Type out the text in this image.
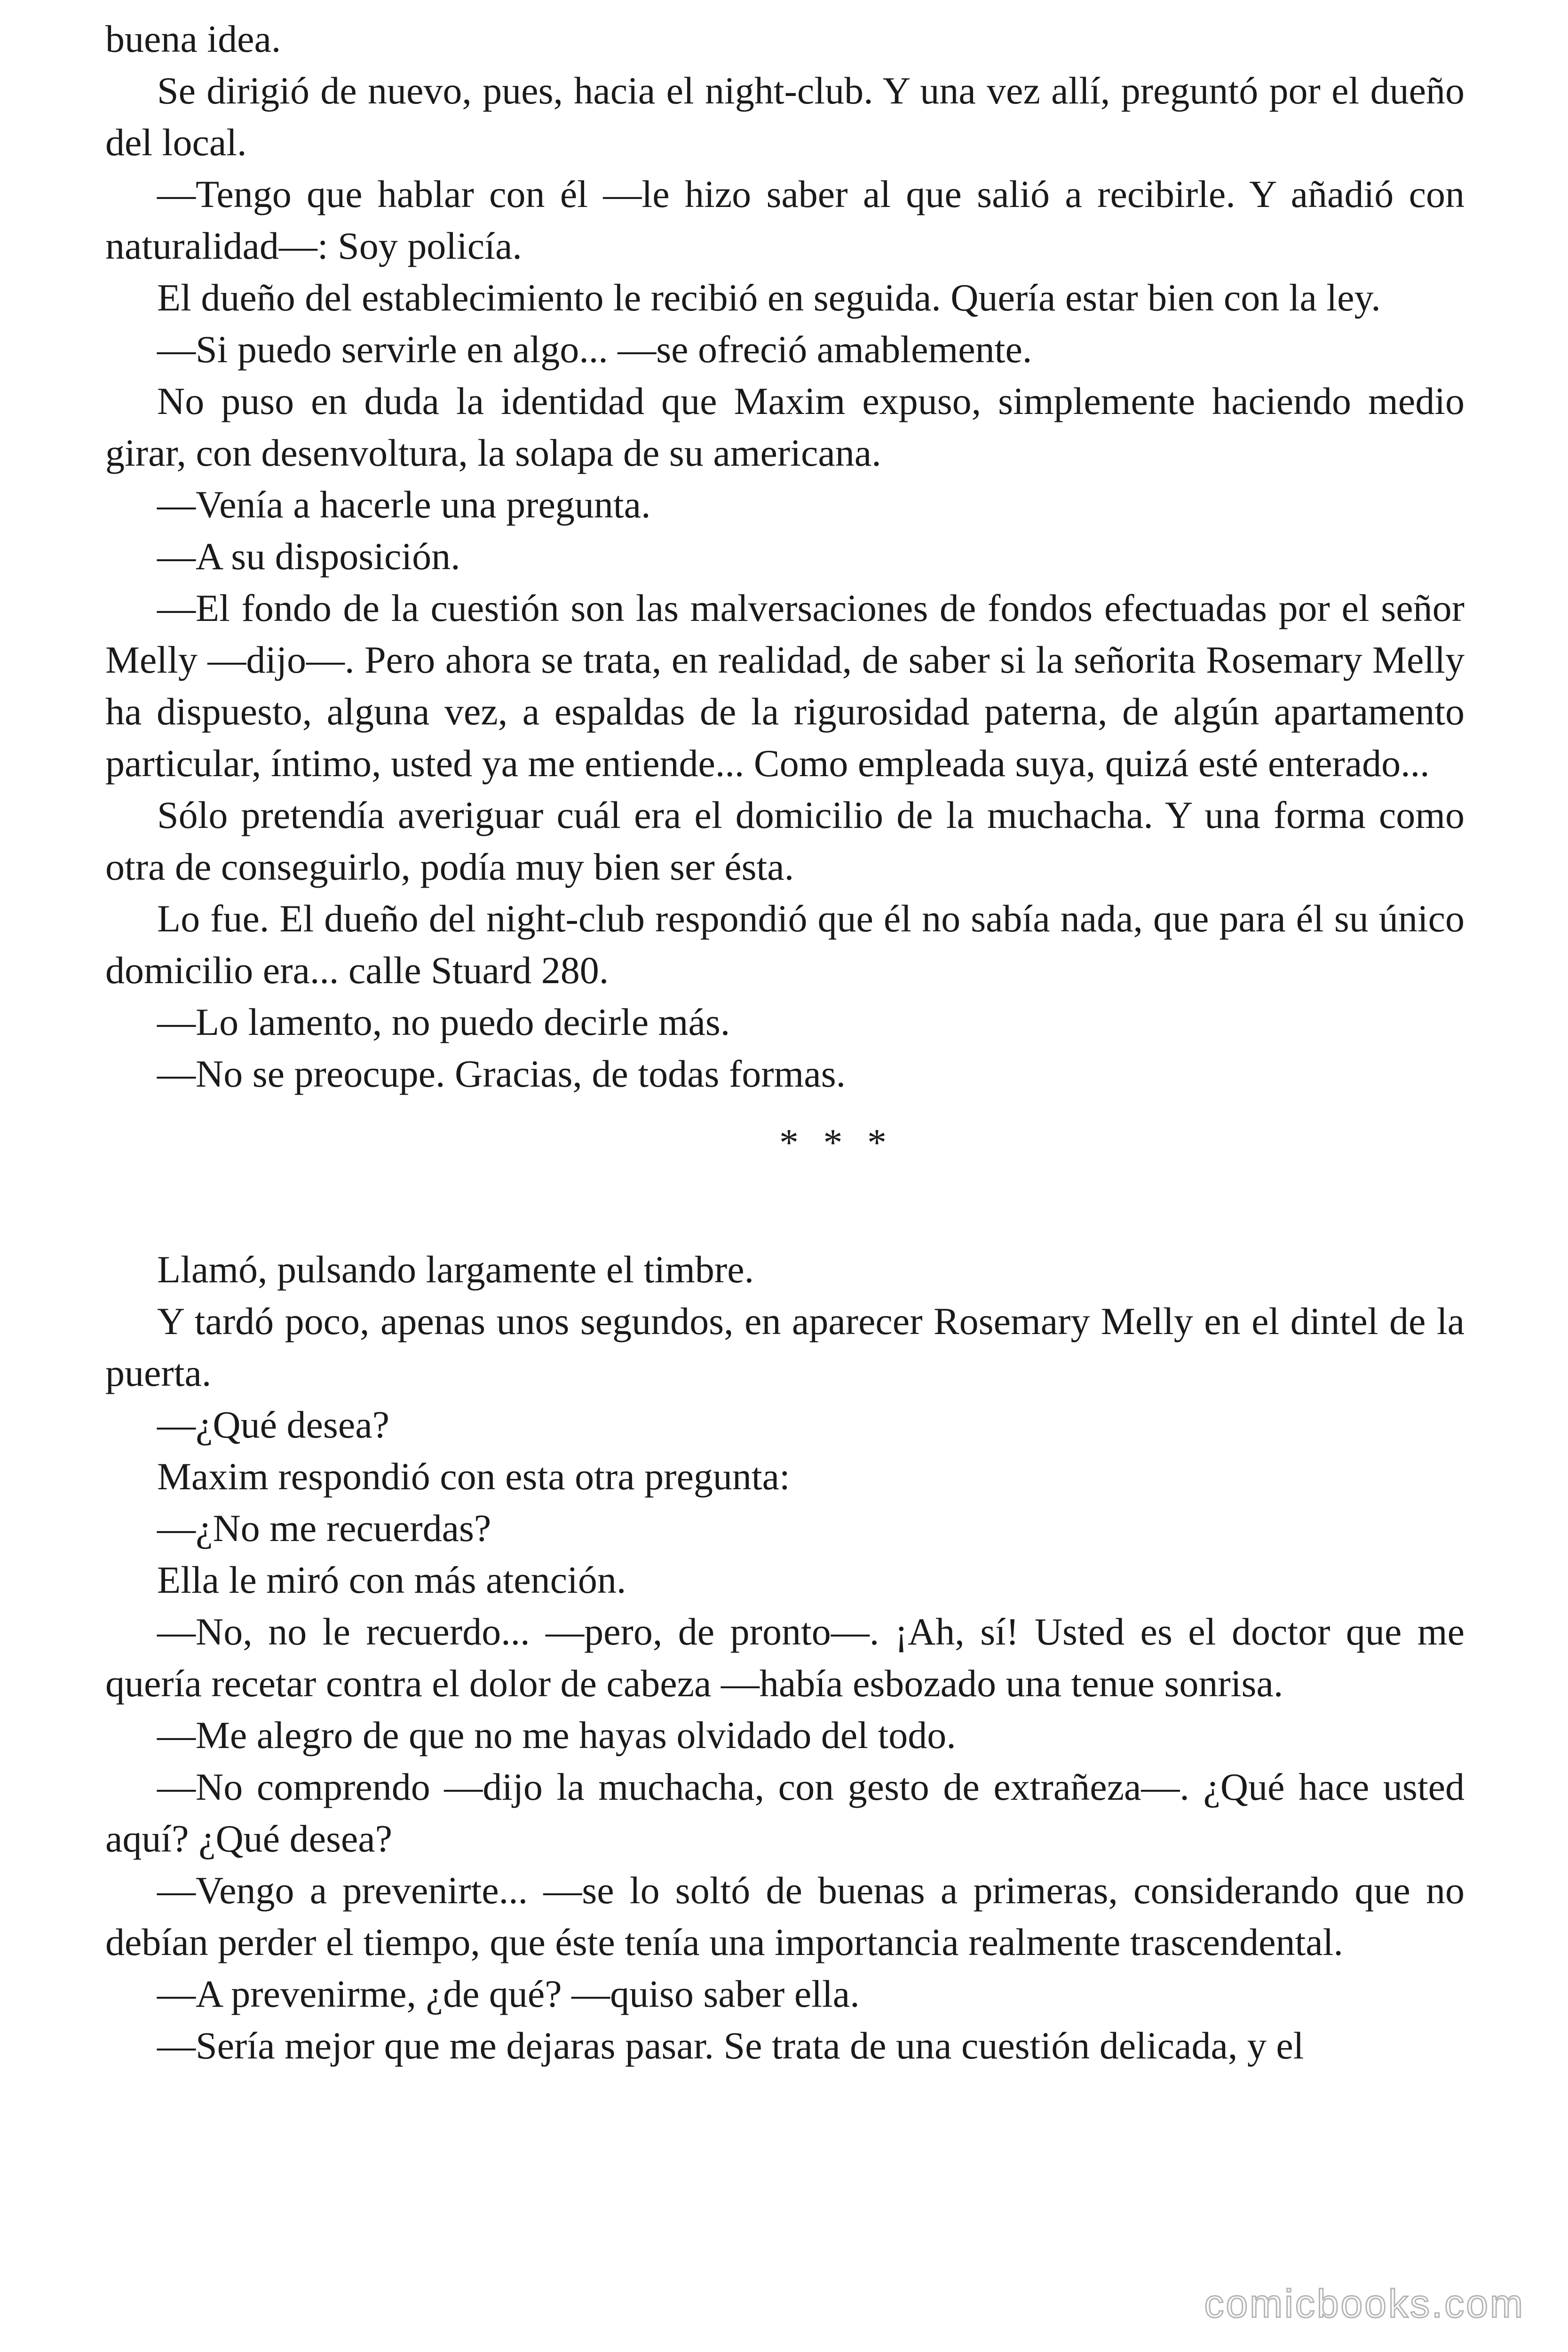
buena idea.

Se dirigió de nuevo, pues, hacia el night-club. Y una vez allí, preguntó por el dueño del local.

—Tengo que hablar con él —le hizo saber al que salió a recibirle. Y añadió con naturalidad—: Soy policía.

El dueño del establecimiento le recibió en seguida. Quería estar bien con la ley.

—Si puedo servirle en algo... —se ofreció amablemente.

No puso en duda la identidad que Maxim expuso, simplemente haciendo medio girar, con desenvoltura, la solapa de su americana.

—Venía a hacerle una pregunta.

—A su disposición.

—El fondo de la cuestión son las malversaciones de fondos efectuadas por el señor Melly —dijo—. Pero ahora se trata, en realidad, de saber si la señorita Rosemary Melly ha dispuesto, alguna vez, a espaldas de la rigurosidad paterna, de algún apartamento particular, íntimo, usted ya me entiende... Como empleada suya, quizá esté enterado...

Sólo pretendía averiguar cuál era el domicilio de la muchacha. Y una forma como otra de conseguirlo, podía muy bien ser ésta.

Lo fue. El dueño del night-club respondió que él no sabía nada, que para él su único domicilio era... calle Stuard 280.

—Lo lamento, no puedo decirle más.

—No se preocupe. Gracias, de todas formas.

* * *

Llamó, pulsando largamente el timbre.

Y tardó poco, apenas unos segundos, en aparecer Rosemary Melly en el dintel de la puerta.

—¿Qué desea?

Maxim respondió con esta otra pregunta:

—¿No me recuerdas?

Ella le miró con más atención.

—No, no le recuerdo... —pero, de pronto—. ¡Ah, sí! Usted es el doctor que me quería recetar contra el dolor de cabeza —había esbozado una tenue sonrisa.

—Me alegro de que no me hayas olvidado del todo.

—No comprendo —dijo la muchacha, con gesto de extrañeza—. ¿Qué hace usted aquí? ¿Qué desea?

—Vengo a prevenirte... —se lo soltó de buenas a primeras, considerando que no debían perder el tiempo, que éste tenía una importancia realmente trascendental.

—A prevenirme, ¿de qué? —quiso saber ella.

—Sería mejor que me dejaras pasar. Se trata de una cuestión delicada, y el

comicbooks.com
